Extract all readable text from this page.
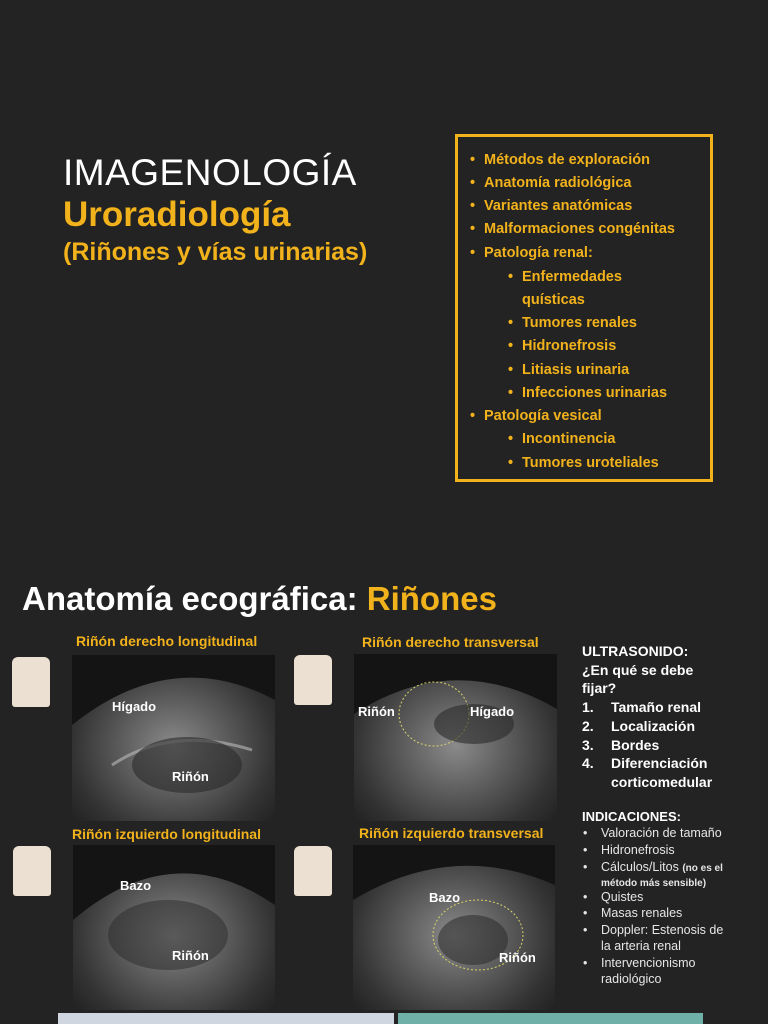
IMAGENOLOGÍA
Uroradiología
(Riñones y vías urinarias)
• Métodos de exploración
• Anatomía radiológica
• Variantes anatómicas
• Malformaciones congénitas
• Patología renal:
• Enfermedades
quísticas
• Tumores renales
• Hidronefrosis
• Litiasis urinaria
• Infecciones urinarias
• Patología vesical
• Incontinencia
• Tumores uroteliales
Anatomía ecográfica: Riñones
Riñón derecho longitudinal
Hígado
Riñón
Riñón derecho transversal
Riñón	Hígado
Riñón izquierdo longitudinal
Bazo
Riñón
Riñón izquierdo transversal
Bazo
Riñón
ULTRASONIDO:
¿En qué se debe
fijar?
1. Tamaño renal
2. Localización
3. Bordes
4. Diferenciación
corticomedular
INDICACIONES:
• Valoración de tamaño
• Hidronefrosis
• Cálculos/Litos (no es el
método más sensible)
• Quistes
• Masas renales
• Doppler: Estenosis de
la arteria renal
• Intervencionismo
radiológico
